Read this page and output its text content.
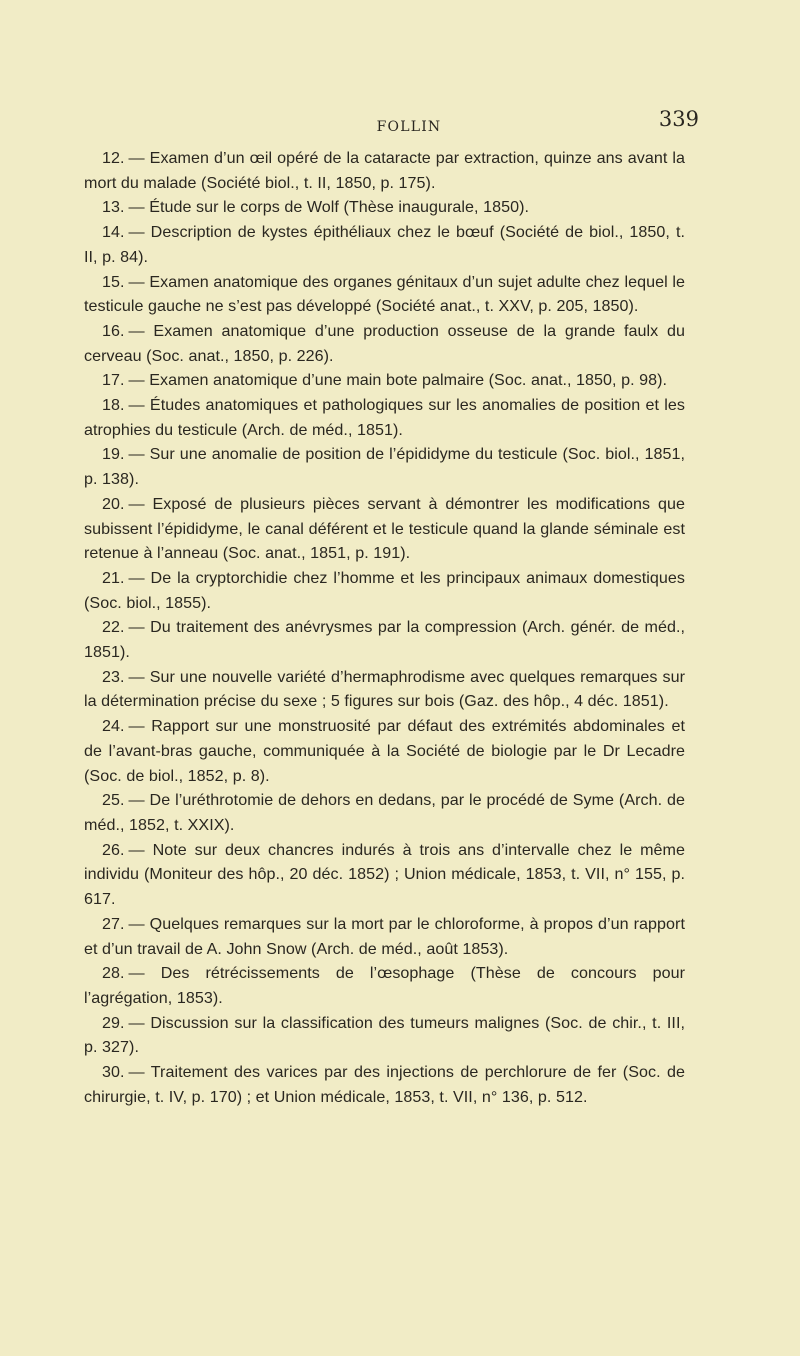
FOLLIN	339

12. — Examen d’un œil opéré de la cataracte par extraction, quinze ans avant la mort du malade (Société biol., t. II, 1850, p. 175).

13. — Étude sur le corps de Wolf (Thèse inaugurale, 1850).

14. — Description de kystes épithéliaux chez le bœuf (Société de biol., 1850, t. II, p. 84).

15. — Examen anatomique des organes génitaux d’un sujet adulte chez lequel le testicule gauche ne s’est pas développé (Société anat., t. XXV, p. 205, 1850).

16. — Examen anatomique d’une production osseuse de la grande faulx du cerveau (Soc. anat., 1850, p. 226).

17. — Examen anatomique d’une main bote palmaire (Soc. anat., 1850, p. 98).

18. — Études anatomiques et pathologiques sur les anomalies de position et les atrophies du testicule (Arch. de méd., 1851).

19. — Sur une anomalie de position de l’épididyme du testicule (Soc. biol., 1851, p. 138).

20. — Exposé de plusieurs pièces servant à démontrer les modifications que subissent l’épididyme, le canal déférent et le testicule quand la glande séminale est retenue à l’anneau (Soc. anat., 1851, p. 191).

21. — De la cryptorchidie chez l’homme et les principaux animaux domestiques (Soc. biol., 1855).

22. — Du traitement des anévrysmes par la compression (Arch. génér. de méd., 1851).

23. — Sur une nouvelle variété d’hermaphrodisme avec quelques remarques sur la détermination précise du sexe ; 5 figures sur bois (Gaz. des hôp., 4 déc. 1851).

24. — Rapport sur une monstruosité par défaut des extrémités abdominales et de l’avant-bras gauche, communiquée à la Société de biologie par le Dr Lecadre (Soc. de biol., 1852, p. 8).

25. — De l’uréthrotomie de dehors en dedans, par le procédé de Syme (Arch. de méd., 1852, t. XXIX).

26. — Note sur deux chancres indurés à trois ans d’intervalle chez le même individu (Moniteur des hôp., 20 déc. 1852) ; Union médicale, 1853, t. VII, n° 155, p. 617.

27. — Quelques remarques sur la mort par le chloroforme, à propos d’un rapport et d’un travail de A. John Snow (Arch. de méd., août 1853).

28. — Des rétrécissements de l’œsophage (Thèse de concours pour l’agrégation, 1853).

29. — Discussion sur la classification des tumeurs malignes (Soc. de chir., t. III, p. 327).

30. — Traitement des varices par des injections de perchlorure de fer (Soc. de chirurgie, t. IV, p. 170) ; et Union médicale, 1853, t. VII, n° 136, p. 512.
